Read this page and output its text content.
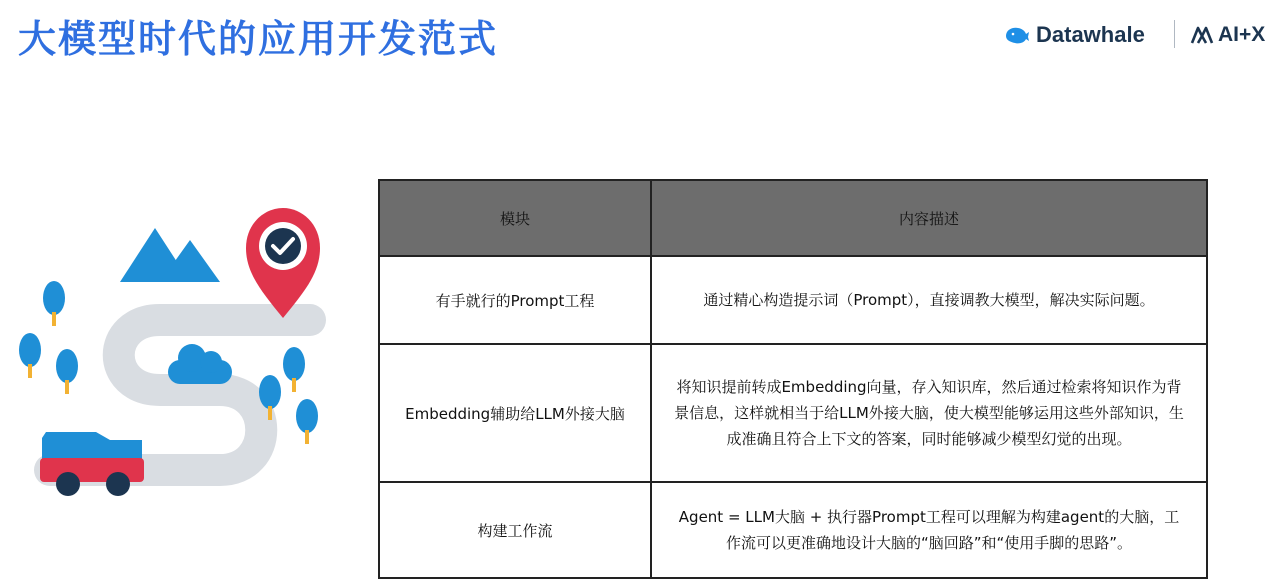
大模型时代的应用开发范式	Datawhale	AI+X
模块	内容描述
有手就行的Prompt工程	通过精心构造提示词（Prompt），直接调教大模型，解决实际问题。
Embedding辅助给LLM外接大脑	将知识提前转成Embedding向量，存入知识库，然后通过检索将知识作为背景信息，这样就相当于给LLM外接大脑，使大模型能够运用这些外部知识，生成准确且符合上下文的答案，同时能够减少模型幻觉的出现。
构建工作流	Agent = LLM大脑 + 执行器Prompt工程可以理解为构建agent的大脑，工作流可以更准确地设计大脑的“脑回路”和“使用手脚的思路”。
